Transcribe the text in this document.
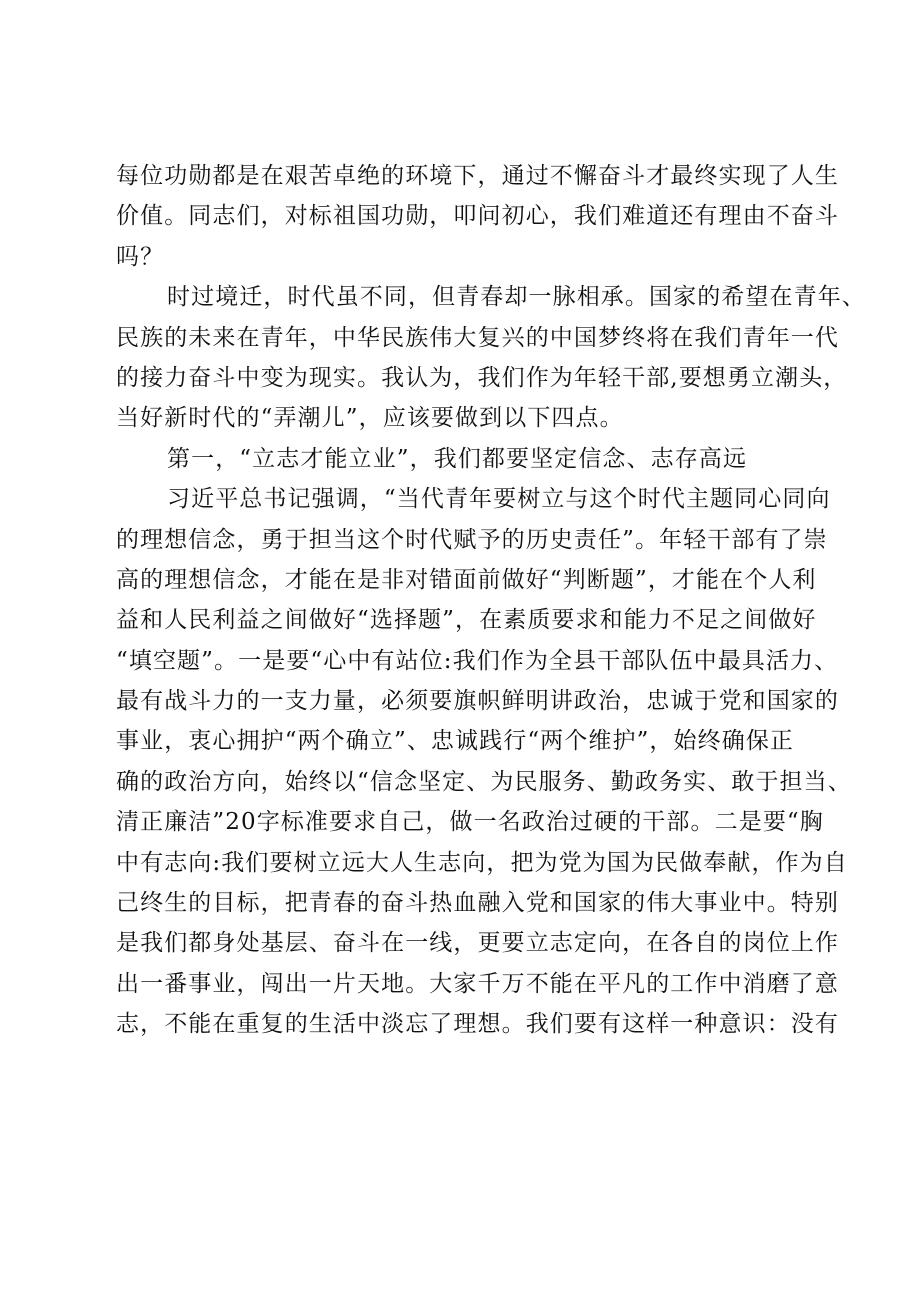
每位功勋都是在艰苦卓绝的环境下，通过不懈奋斗才最终实现了人生
价值。同志们，对标祖国功勋，叩问初心，我们难道还有理由不奋斗
吗？
时过境迁，时代虽不同，但青春却一脉相承。国家的希望在青年、
民族的未来在青年，中华民族伟大复兴的中国梦终将在我们青年一代
的接力奋斗中变为现实。我认为，我们作为年轻干部,要想勇立潮头，
当好新时代的“弄潮儿”，应该要做到以下四点。
第一，“立志才能立业”，我们都要坚定信念、志存高远
习近平总书记强调，“当代青年要树立与这个时代主题同心同向
的理想信念，勇于担当这个时代赋予的历史责任”。年轻干部有了崇
高的理想信念，才能在是非对错面前做好“判断题”，才能在个人利
益和人民利益之间做好“选择题”，在素质要求和能力不足之间做好
“填空题”。一是要“心中有站位:我们作为全县干部队伍中最具活力、
最有战斗力的一支力量，必须要旗帜鲜明讲政治，忠诚于党和国家的
事业，衷心拥护“两个确立”、忠诚践行“两个维护”，始终确保正
确的政治方向，始终以“信念坚定、为民服务、勤政务实、敢于担当、
清正廉洁”20字标准要求自己，做一名政治过硬的干部。二是要“胸
中有志向:我们要树立远大人生志向，把为党为国为民做奉献，作为自
己终生的目标，把青春的奋斗热血融入党和国家的伟大事业中。特别
是我们都身处基层、奋斗在一线，更要立志定向，在各自的岗位上作
出一番事业，闯出一片天地。大家千万不能在平凡的工作中消磨了意
志，不能在重复的生活中淡忘了理想。我们要有这样一种意识：没有
